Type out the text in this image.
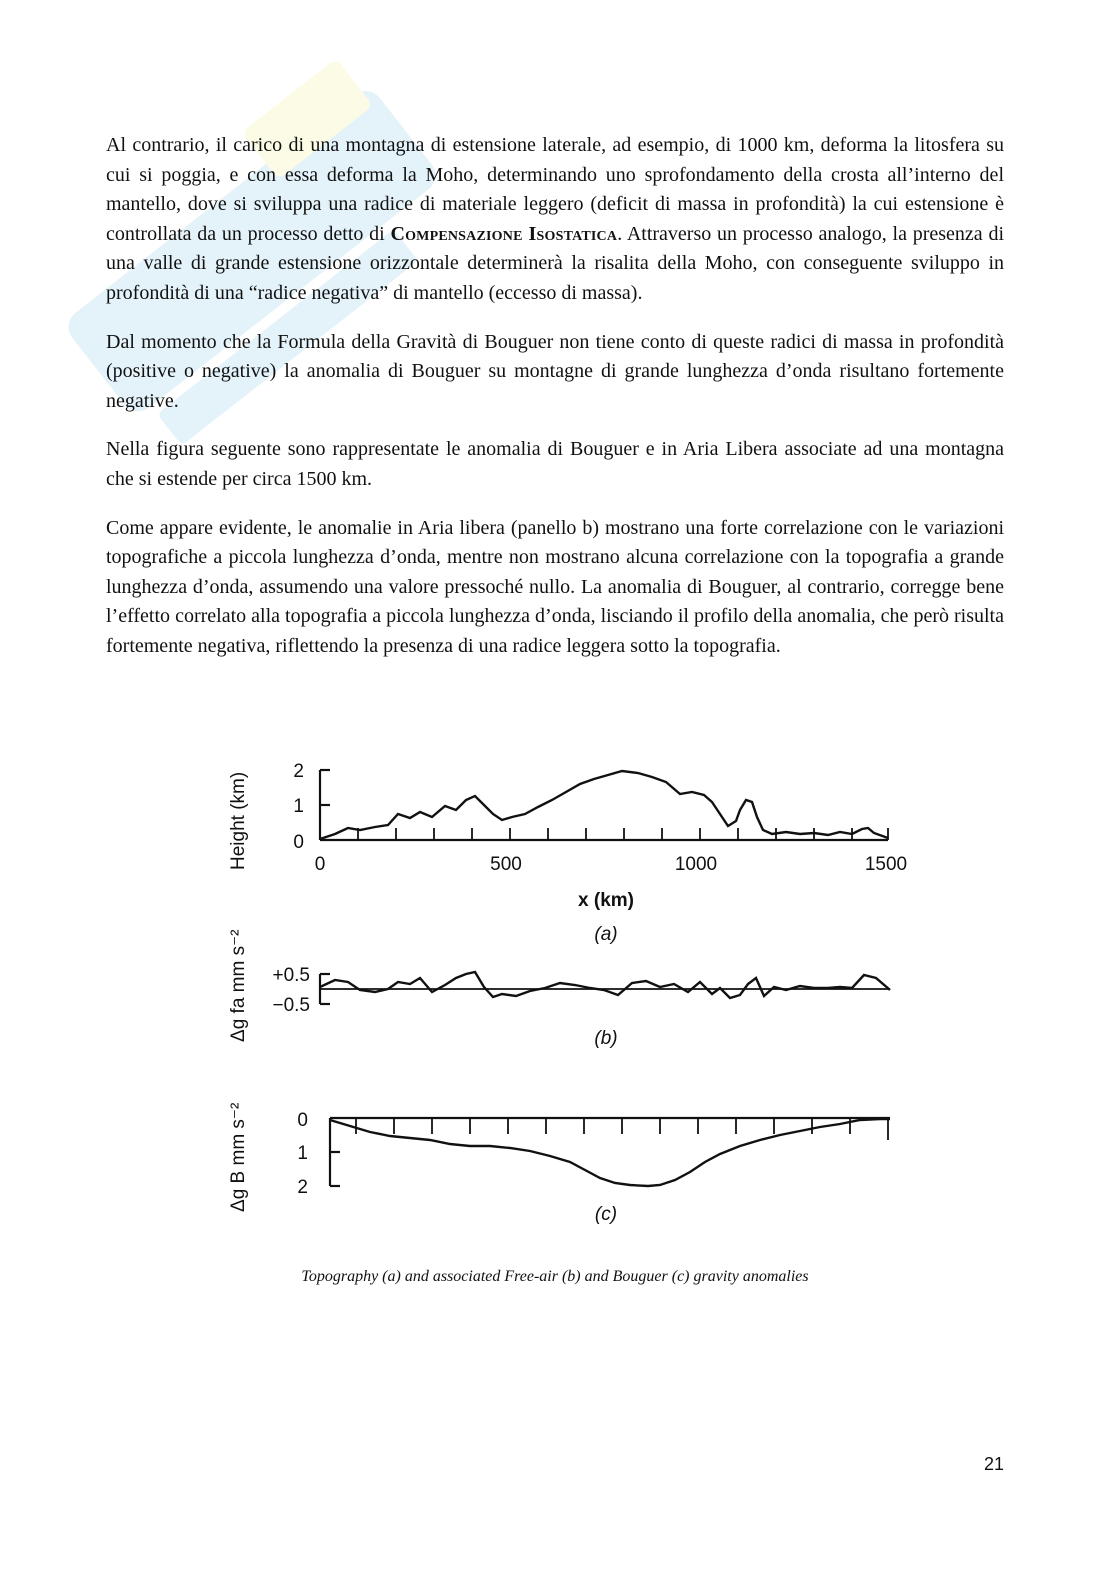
Al contrario, il carico di una montagna di estensione laterale, ad esempio, di 1000 km, deforma la litosfera su cui si poggia, e con essa deforma la Moho, determinando uno sprofondamento della crosta all’interno del mantello, dove si sviluppa una radice di materiale leggero (deficit di massa in profondità) la cui estensione è controllata da un processo detto di Compensazione Isostatica. Attraverso un processo analogo, la presenza di una valle di grande estensione orizzontale determinerà la risalita della Moho, con conseguente sviluppo in profondità di una “radice negativa” di mantello (eccesso di massa).

Dal momento che la Formula della Gravità di Bouguer non tiene conto di queste radici di massa in profondità (positive o negative) la anomalia di Bouguer su montagne di grande lunghezza d’onda risultano fortemente negative.

Nella figura seguente sono rappresentate le anomalia di Bouguer e in Aria Libera associate ad una montagna che si estende per circa 1500 km.

Come appare evidente, le anomalie in Aria libera (panello b) mostrano una forte correlazione con le variazioni topografiche a piccola lunghezza d’onda, mentre non mostrano alcuna correlazione con la topografia a grande lunghezza d’onda, assumendo una valore pressoché nullo. La anomalia di Bouguer, al contrario, corregge bene l’effetto correlato alla topografia a piccola lunghezza d’onda, lisciando il profilo della anomalia, che però risulta fortemente negativa, riflettendo la presenza di una radice leggera sotto la topografia.

Height (km)
2
1
0
0	500	1000	1500
x (km)
(a)
Δg fa mm s⁻² +0.5
−0.5
(b)
Δg B mm s⁻²	0
1
2
(c)
Topography (a) and associated Free-air (b) and Bouguer (c) gravity anomalies
21
